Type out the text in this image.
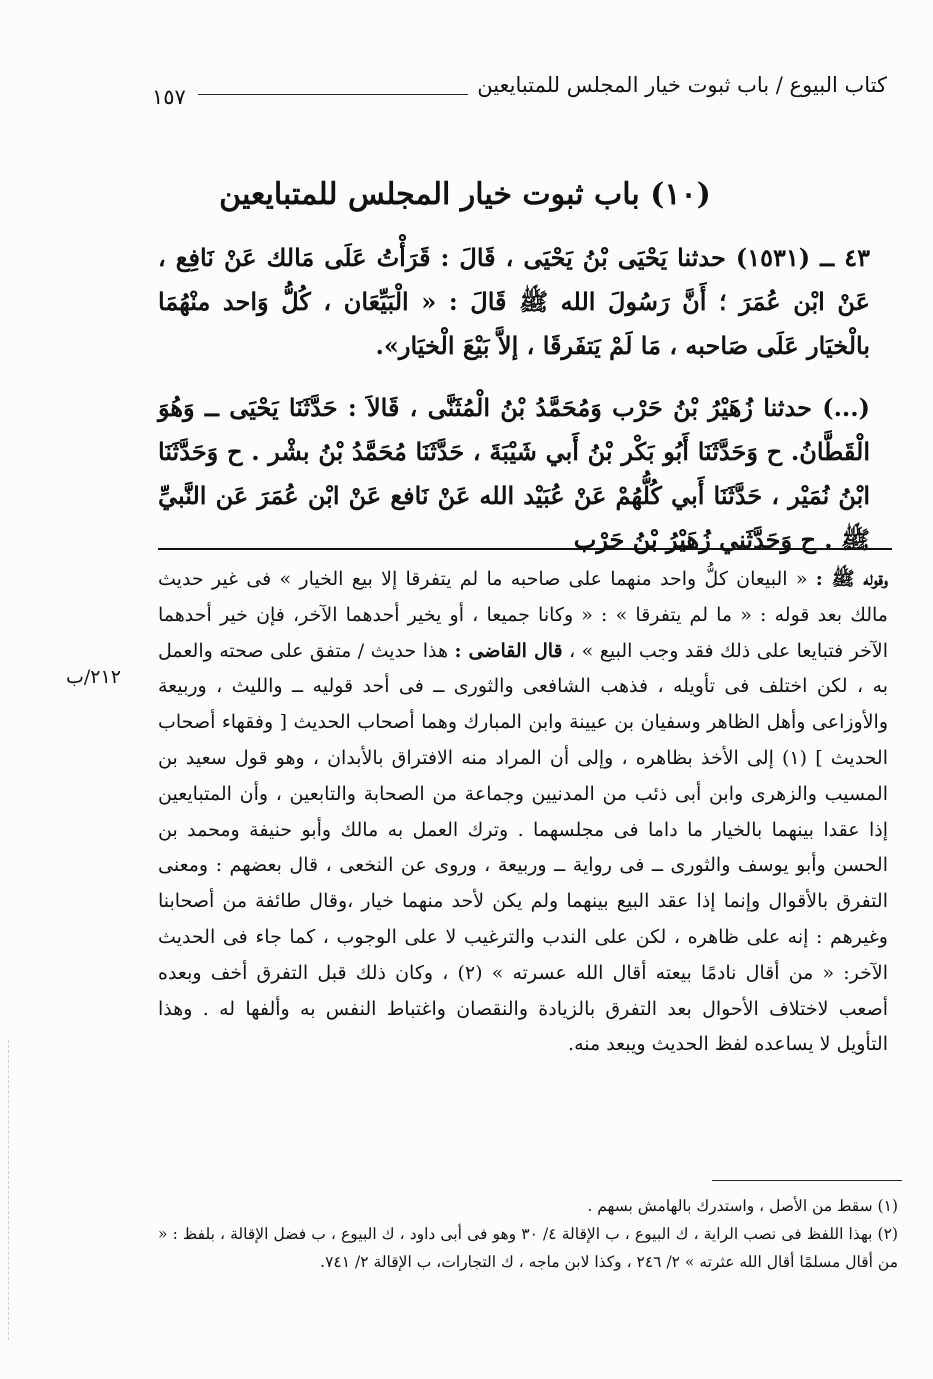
كتاب البيوع / باب ثبوت خيار المجلس للمتبايعين
١٥٧
(١٠) باب ثبوت خيار المجلس للمتبايعين
٤٣ ــ (١٥٣١) حدثنا يَحْيَى بْنُ يَحْيَى ، قَالَ : قَرَأْتُ عَلَى مَالك عَنْ نَافِع ، عَنْ ابْن عُمَرَ ؛ أَنَّ رَسُولَ الله ﷺ قَالَ : « الْبَيِّعَان ، كُلُّ وَاحد منْهُمَا بالْخيَار عَلَى صَاحبه ، مَا لَمْ يَتفَرقَا ، إلاَّ بَيْعَ الْخيَار».
(...) حدثنا زُهَيْرُ بْنُ حَرْب وَمُحَمَّدُ بْنُ الْمُثَنَّى ، قَالاَ : حَدَّثَنَا يَحْيَى ــ وَهُوَ الْقَطَّانُ. ح وَحَدَّثَنَا أَبُو بَكْر بْنُ أَبي شَيْبَةَ ، حَدَّثَنَا مُحَمَّدُ بْنُ بشْر . ح وَحَدَّثَنَا ابْنُ نُمَيْر ، حَدَّثَنَا أَبي كُلُّهُمْ عَنْ عُبَيْد الله عَنْ نَافع عَنْ ابْن عُمَرَ عَن النَّبيِّ ﷺ . ح وَحَدَّثَني زُهَيْرُ بْنُ حَرْب
وقوله ﷺ : « البيعان كلُّ واحد منهما على صاحبه ما لم يتفرقا إلا بيع الخيار » فى غير حديث مالك بعد قوله : « ما لم يتفرقا » : « وكانا جميعا ، أو يخير أحدهما الآخر، فإن خير أحدهما الآخر فتبايعا على ذلك فقد وجب البيع » ، قال القاضى : هذا حديث / متفق على صحته والعمل به ، لكن اختلف فى تأويله ، فذهب الشافعى والثورى ــ فى أحد قوليه ــ والليث ، وربيعة والأوزاعى وأهل الظاهر وسفيان بن عيينة وابن المبارك وهما أصحاب الحديث [ وفقهاء أصحاب الحديث ] (١) إلى الأخذ بظاهره ، وإلى أن المراد منه الافتراق بالأبدان ، وهو قول سعيد بن المسيب والزهرى وابن أبى ذئب من المدنيين وجماعة من الصحابة والتابعين ، وأن المتبايعين إذا عقدا بينهما بالخيار ما داما فى مجلسهما . وترك العمل به مالك وأبو حنيفة ومحمد بن الحسن وأبو يوسف والثورى ــ فى رواية ــ وربيعة ، وروى عن النخعى ، قال بعضهم : ومعنى التفرق بالأقوال وإنما إذا عقد البيع بينهما ولم يكن لأحد منهما خيار ،وقال طائفة من أصحابنا وغيرهم : إنه على ظاهره ، لكن على الندب والترغيب لا على الوجوب ، كما جاء فى الحديث الآخر: « من أقال نادمًا بيعته أقال الله عسرته » (٢) ، وكان ذلك قبل التفرق أخف وبعده أصعب لاختلاف الأحوال بعد التفرق بالزيادة والنقصان واغتباط النفس به وألفها له . وهذا التأويل لا يساعده لفظ الحديث ويبعد منه.
٢١٢/ب

(١) سقط من الأصل ، واستدرك بالهامش بسهم .

(٢) بهذا اللفظ فى نصب الراية ، ك البيوع ، ب الإقالة ٤/ ٣٠ وهو فى أبى داود ، ك البيوع ، ب فضل الإقالة ، بلفظ : « من أقال مسلمًا أقال الله عثرته » ٢/ ٢٤٦ ، وكذا لابن ماجه ، ك التجارات، ب الإقالة ٢/ ٧٤١.
